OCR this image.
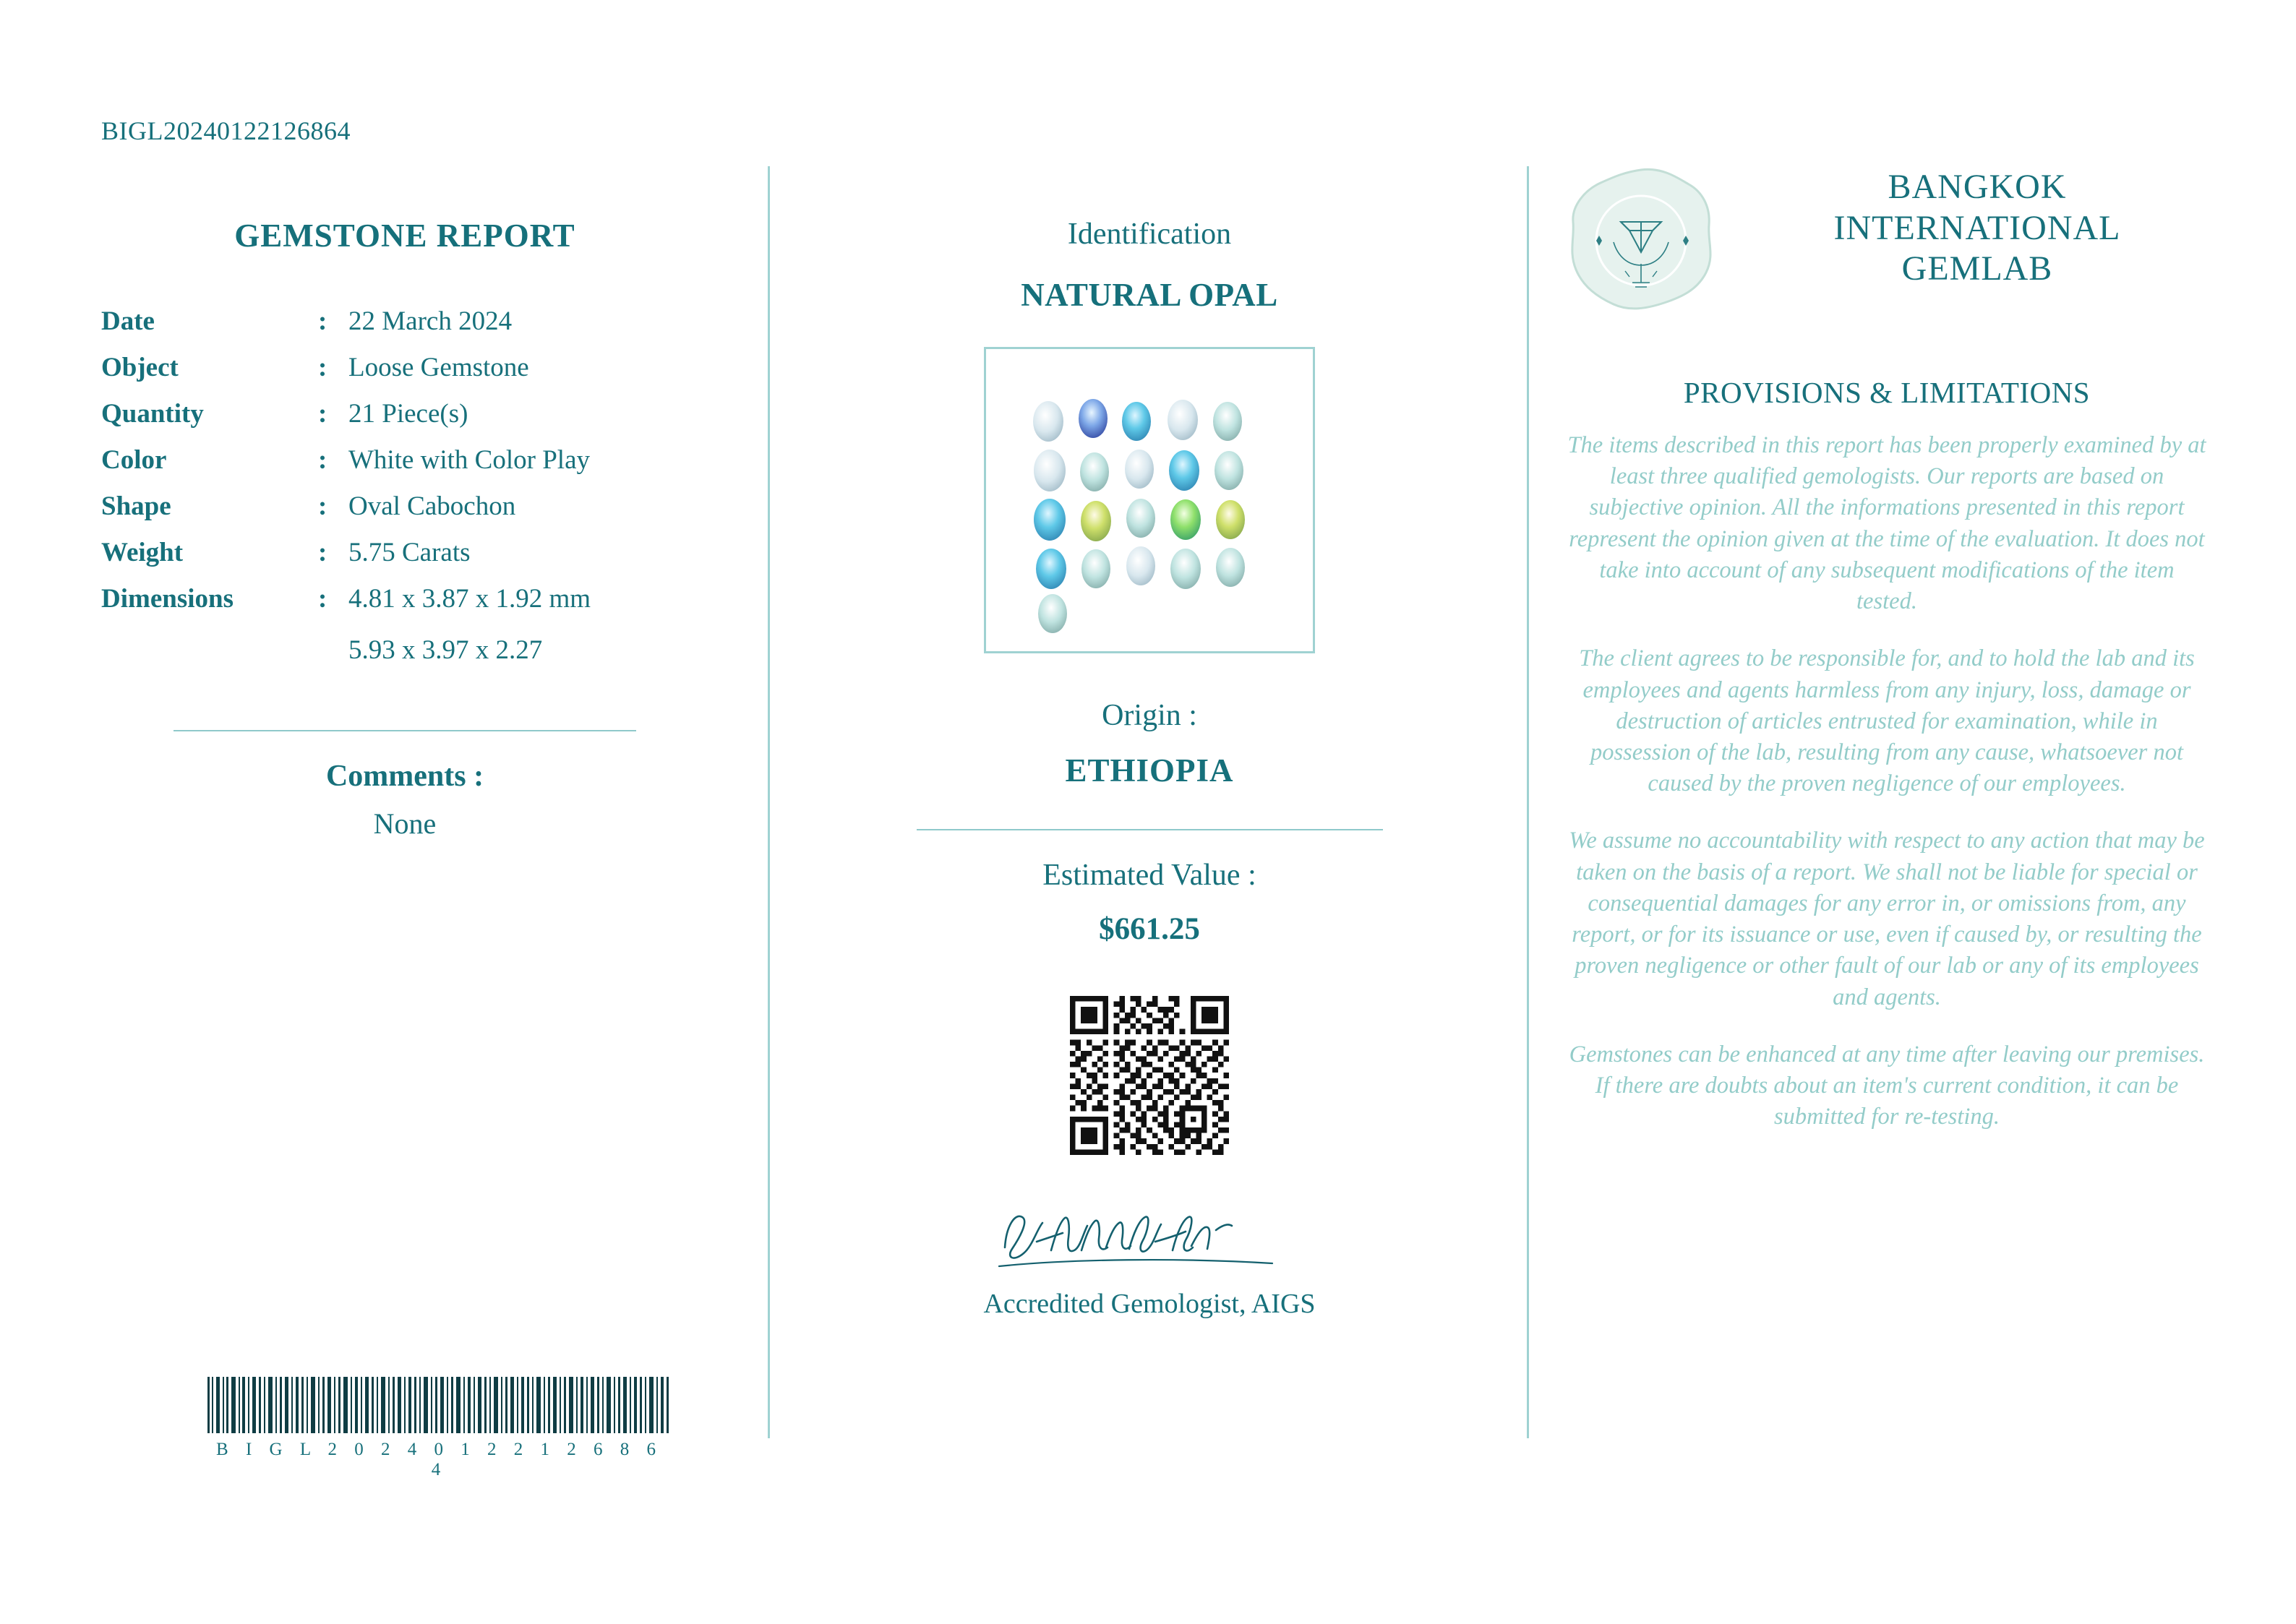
BIGL20240122126864
GEMSTONE REPORT
Date	:	22 March 2024
Object	:	Loose Gemstone
Quantity	:	21 Piece(s)
Color	:	White with Color Play
Shape	:	Oval Cabochon
Weight	:	5.75 Carats
Dimensions	:	4.81 x 3.87 x 1.92 mm
		5.93 x 3.97 x 2.27
Comments :
None
B I G L 2 0 2 4 0 1 2 2 1 2 6 8 6 4
Identification
NATURAL OPAL
Origin :
ETHIOPIA
Estimated Value :
$661.25
Accredited Gemologist, AIGS
BANGKOK
INTERNATIONAL
GEMLAB
PROVISIONS & LIMITATIONS

The items described in this report has been properly examined by at least three qualified gemologists. Our reports are based on subjective opinion. All the informations presented in this report represent the opinion given at the time of the evaluation. It does not take into account of any subsequent modifications of the item tested.

The client agrees to be responsible for, and to hold the lab and its employees and agents harmless from any injury, loss, damage or destruction of articles entrusted for examination, while in possession of the lab, resulting from any cause, whatsoever not caused by the proven negligence of our employees.

We assume no accountability with respect to any action that may be taken on the basis of a report. We shall not be liable for special or consequential damages for any error in, or omissions from, any report, or for its issuance or use, even if caused by, or resulting the proven negligence or other fault of our lab or any of its employees and agents.

Gemstones can be enhanced at any time after leaving our premises. If there are doubts about an item's current condition, it can be submitted for re-testing.
